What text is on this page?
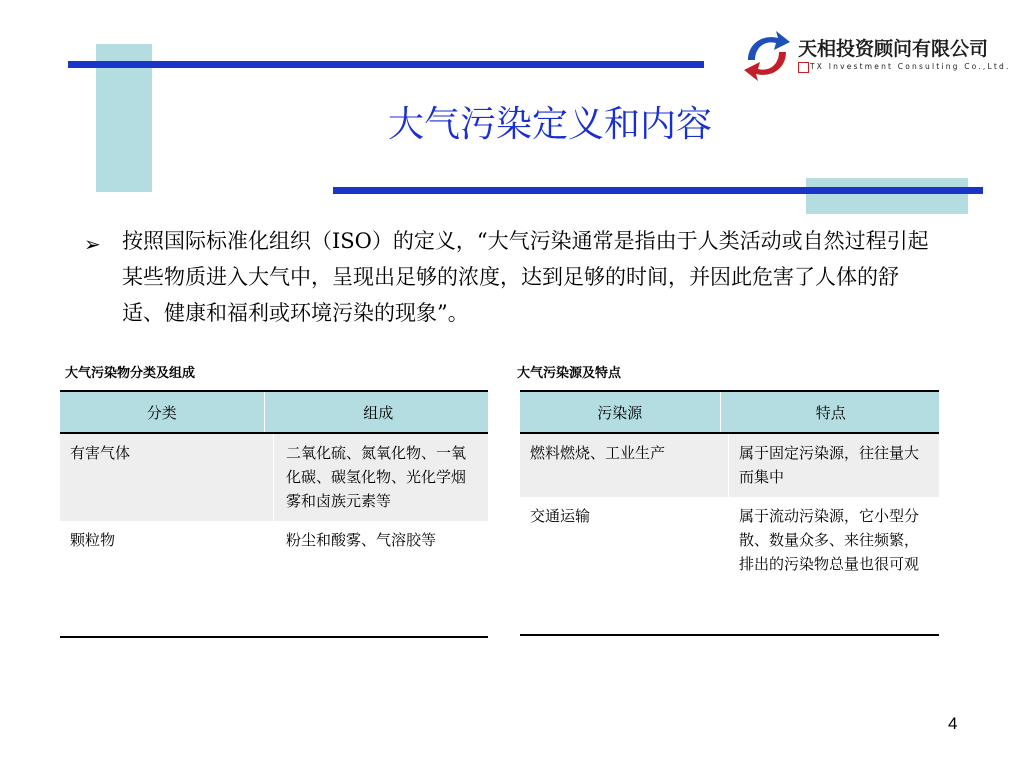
天相投资顾问有限公司
TX Investment Consulting Co.,Ltd.
大气污染定义和内容
➢ 按照国际标准化组织（ISO）的定义，“大气污染通常是指由于人类活动或自然过程引起某些物质进入大气中，呈现出足够的浓度，达到足够的时间，并因此危害了人体的舒适、健康和福利或环境污染的现象”。
大气污染物分类及组成
分类	组成
有害气体	二氧化硫、氮氧化物、一氧化碳、碳氢化物、光化学烟雾和卤族元素等
颗粒物	粉尘和酸雾、气溶胶等
大气污染源及特点
污染源	特点
燃料燃烧、工业生产	属于固定污染源，往往量大而集中
交通运输	属于流动污染源，它小型分散、数量众多、来往频繁，排出的污染物总量也很可观
4
